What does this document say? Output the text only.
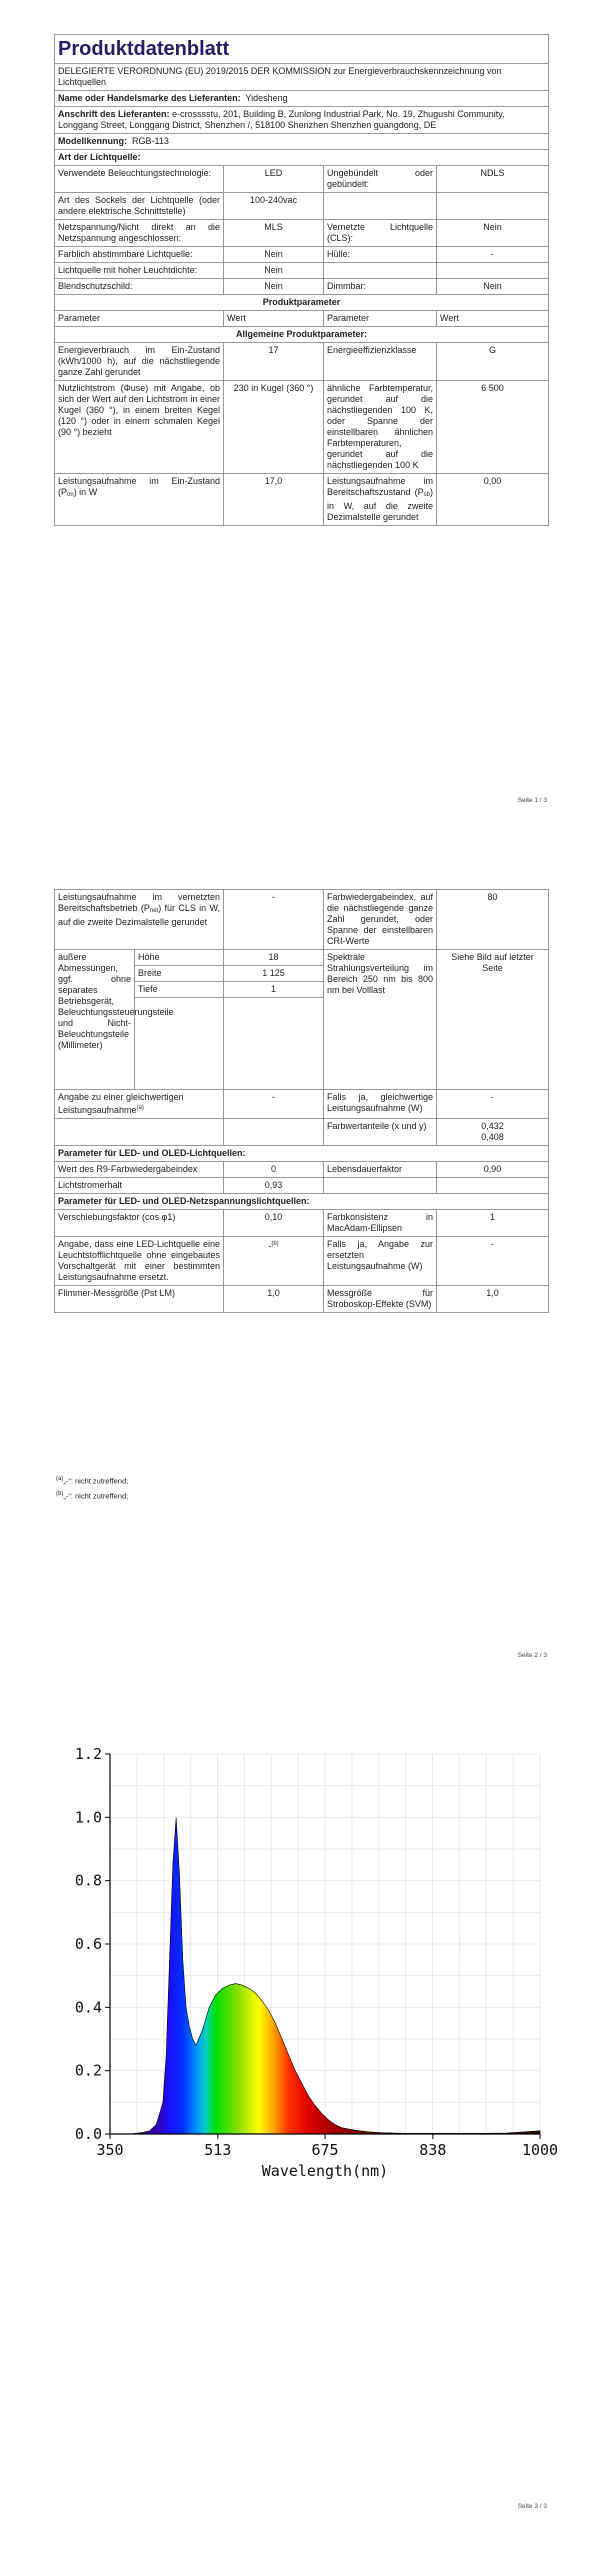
Produktdatenblatt			
DELEGIERTE VERORDNUNG (EU) 2019/2015 DER KOMMISSION zur Energieverbrauchskennzeichnung von Lichtquellen			
Name oder Handelsmarke des Lieferanten: Yidesheng			
Anschrift des Lieferanten: e-crosssstu, 201, Building B, Zunlong Industrial Park, No. 19, Zhugushi Community, Longgang Street, Longgang District, Shenzhen /, 518100 Shenzhen Shenzhen guangdong, DE			
Modellkennung: RGB-113			
Art der Lichtquelle:			
Verwendete Beleuchtungstechnologie:	LED	Ungebündelt oder gebündelt:	NDLS
Art des Sockels der Lichtquelle (oder andere elektrische Schnittstelle)	100-240vac		
Netzspannung/Nicht direkt an die Netzspannung angeschlossen:	MLS	Vernetzte Lichtquelle (CLS):	Nein
Farblich abstimmbare Lichtquelle:	Nein	Hülle:	-
Lichtquelle mit hoher Leuchtdichte:	Nein		
Blendschutzschild:	Nein	Dimmbar:	Nein
Produktparameter			
Parameter	Wert	Parameter	Wert
Allgemeine Produktparameter:			
Energieverbrauch im Ein-Zustand (kWh/1000 h), auf die nächstliegende ganze Zahl gerundet	17	Energieeffizienzklasse	G
Nutzlichtstrom (Φuse) mit Angabe, ob sich der Wert auf den Lichtstrom in einer Kugel (360 °), in einem breiten Kegel (120 °) oder in einem schmalen Kegel (90 °) bezieht	230 in Kugel (360 °)	ähnliche Farbtemperatur, gerundet auf die nächstliegenden 100 K, oder Spanne der einstellbaren ähnlichen Farbtemperaturen, gerundet auf die nächstliegenden 100 K	6 500
Leistungsaufnahme im Ein-Zustand $(P_{on})$ in W	17,0	Leistungsaufnahme im Bereitschaftszustand $(P_{sb})$ in W, auf die zweite Dezimalstelle gerundet	0,00
Seite 1 / 3
Leistungsaufnahme im vernetzten Bereitschaftsbetrieb $(P_{net})$ für CLS in W, auf die zweite Dezimalstelle gerundet		-	Farbwiedergabeindex, auf die nächstliegende ganze Zahl gerundet, oder Spanne der einstellbaren CRI-Werte	80
äußere Abmessungen, ggf. ohne separates Betriebsgerät, Beleuchtungssteuerungsteile und Nicht-Beleuchtungsteile (Millimeter)	Höhe	18	Spektrale Strahlungsverteilung im Bereich 250 nm bis 800 nm bei Volllast	Siehe Bild auf letzter Seite
	Breite	1 125		
	Tiefe	1		

Angabe zu einer gleichwertigen Leistungsaufnahme$^{(a)}$		-	Falls ja, gleichwertige Leistungsaufnahme (W)	-
			Farbwertanteile (x und y)	0,432
0,408
Parameter für LED- und OLED-Lichtquellen:				
Wert des R9-Farbwiedergabeindex		0	Lebensdauerfaktor	0,90
Lichtstromerhalt		0,93		
Parameter für LED- und OLED-Netzspannungslichtquellen:				
Verschiebungsfaktor (cos φ1)		0,10	Farbkonsistenz in MacAdam-Ellipsen	1
Angabe, dass eine LED-Lichtquelle eine Leuchtstofflichtquelle ohne eingebautes Vorschaltgerät mit einer bestimmten Leistungsaufnahme ersetzt.		-$^{(b)}$	Falls ja, Angabe zur ersetzten Leistungsaufnahme (W)	-
Flimmer-Messgröße (Pst LM)		1,0	Messgröße für Stroboskop-Effekte (SVM)	1,0
$^{(a)}$„-“: nicht zutreffend;
$^{(b)}$„-“: nicht zutreffend;
Seite 2 / 3
0.0
0.2
0.4
0.6
0.8
1.0
1.2
350	513	675	838	1000
Wavelength(nm)
Seite 3 / 3
